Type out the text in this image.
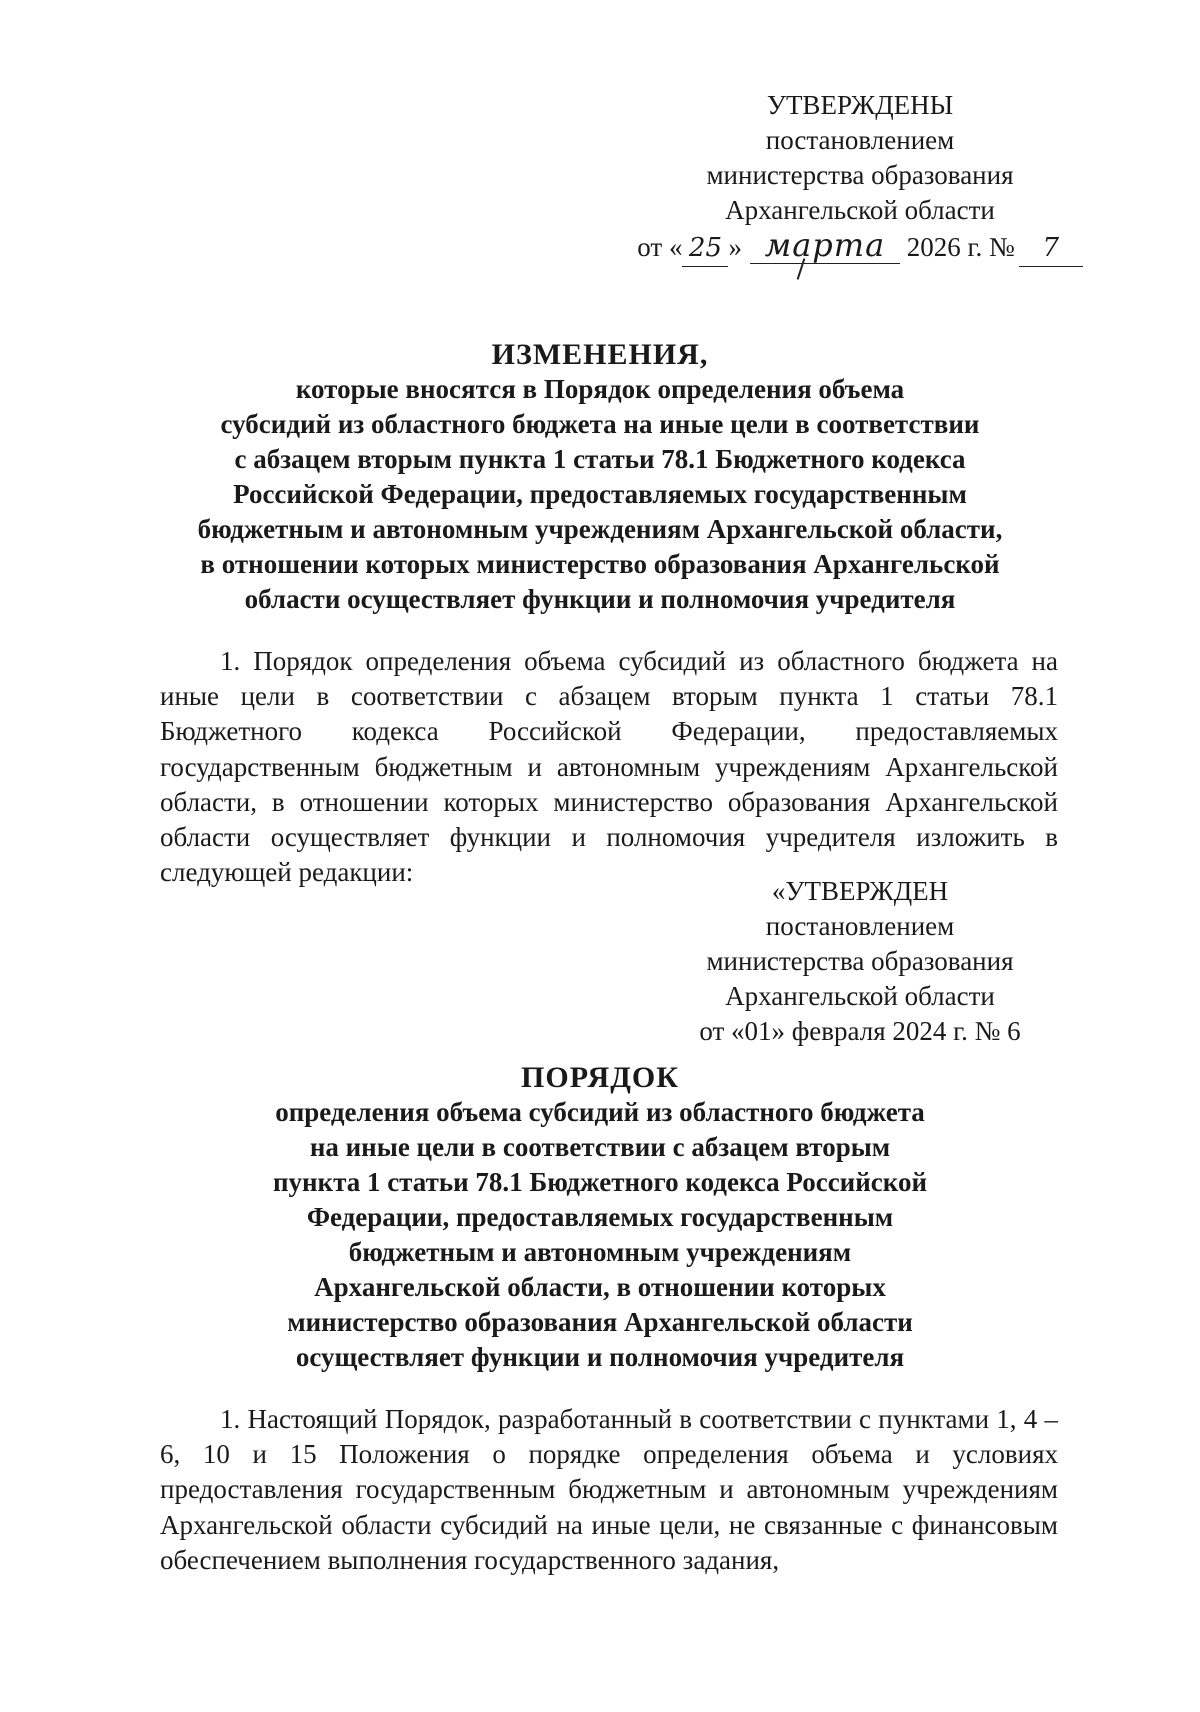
УТВЕРЖДЕНЫ
постановлением
министерства образования
Архангельской области
от « 25 » марта
2026 г. № 7
ИЗМЕНЕНИЯ,
которые вносятся в Порядок определения объема
субсидий из областного бюджета на иные цели в соответствии
с абзацем вторым пункта 1 статьи 78.1 Бюджетного кодекса
Российской Федерации, предоставляемых государственным
бюджетным и автономным учреждениям Архангельской области,
в отношении которых министерство образования Архангельской
области осуществляет функции и полномочия учредителя
1. Порядок определения объема субсидий из областного бюджета на иные цели в соответствии с абзацем вторым пункта 1 статьи 78.1 Бюджетного кодекса Российской Федерации, предоставляемых государственным бюджетным и автономным учреждениям Архангельской области, в отношении которых министерство образования Архангельской области осуществляет функции и полномочия учредителя изложить в следующей редакции:
«УТВЕРЖДЕН
постановлением
министерства образования
Архангельской области
от «01» февраля 2024 г. № 6
ПОРЯДОК
определения объема субсидий из областного бюджета
на иные цели в соответствии с абзацем вторым
пункта 1 статьи 78.1 Бюджетного кодекса Российской
Федерации, предоставляемых государственным
бюджетным и автономным учреждениям
Архангельской области, в отношении которых
министерство образования Архангельской области
осуществляет функции и полномочия учредителя
1. Настоящий Порядок, разработанный в соответствии с пунктами 1, 4 – 6, 10 и 15 Положения о порядке определения объема и условиях предоставления государственным бюджетным и автономным учреждениям Архангельской области субсидий на иные цели, не связанные с финансовым обеспечением выполнения государственного задания,
